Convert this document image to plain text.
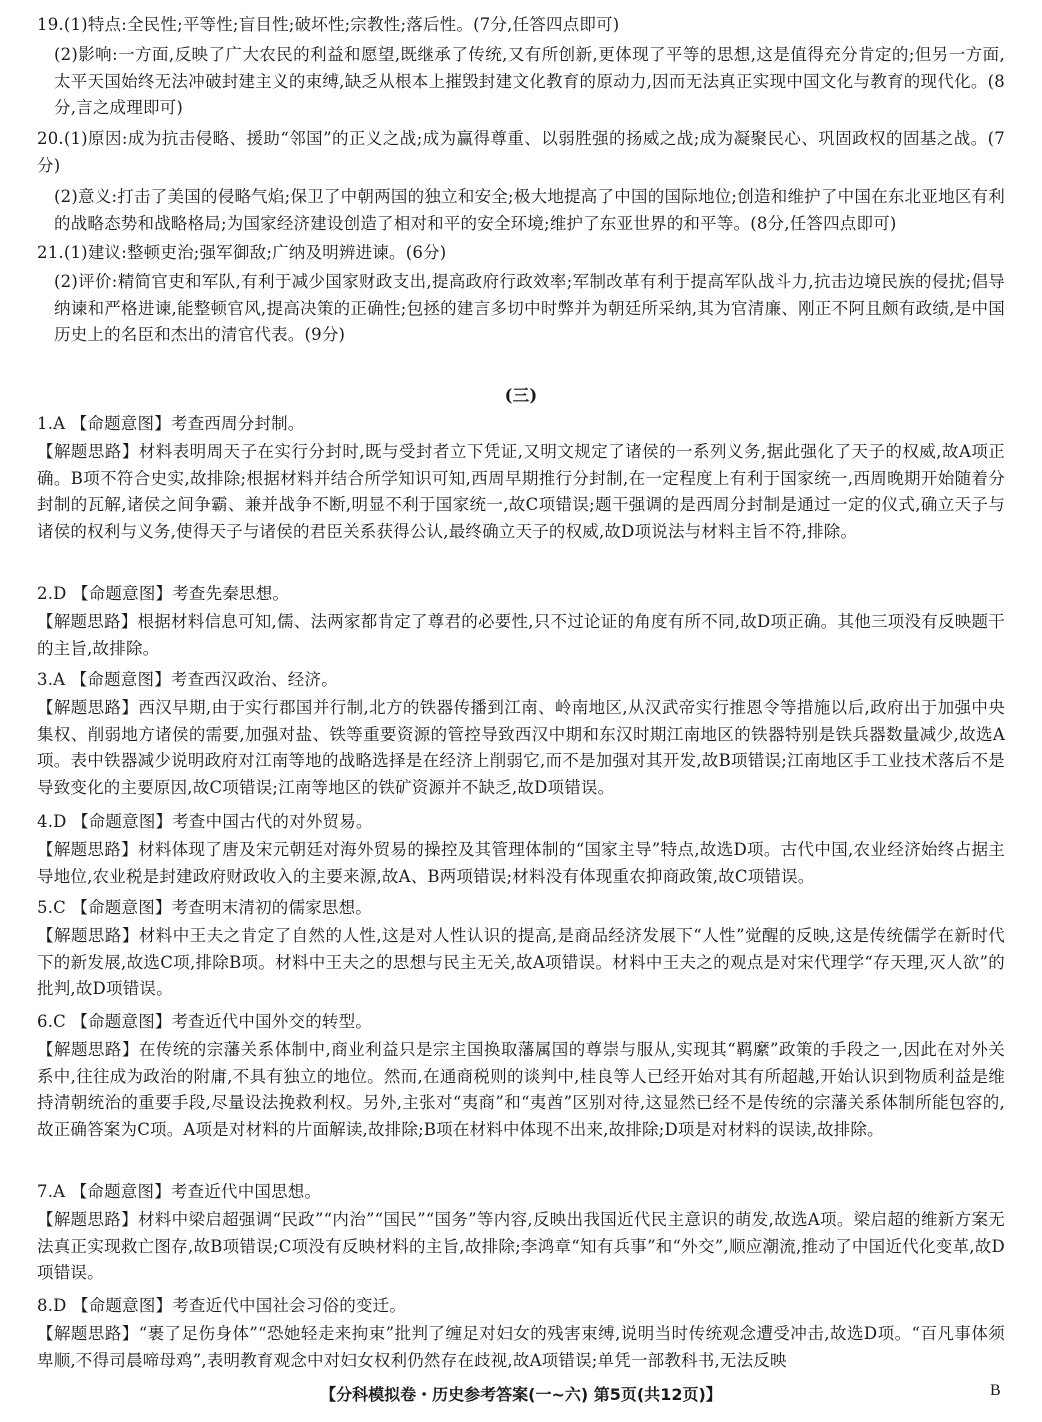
19.(1)特点:全民性;平等性;盲目性;破坏性;宗教性;落后性。(7分,任答四点即可)
(2)影响:一方面,反映了广大农民的利益和愿望,既继承了传统,又有所创新,更体现了平等的思想,这是值得充分肯定的;但另一方面,太平天国始终无法冲破封建主义的束缚,缺乏从根本上摧毁封建文化教育的原动力,因而无法真正实现中国文化与教育的现代化。(8分,言之成理即可)
20.(1)原因:成为抗击侵略、援助“邻国”的正义之战;成为赢得尊重、以弱胜强的扬威之战;成为凝聚民心、巩固政权的固基之战。(7分)
(2)意义:打击了美国的侵略气焰;保卫了中朝两国的独立和安全;极大地提高了中国的国际地位;创造和维护了中国在东北亚地区有利的战略态势和战略格局;为国家经济建设创造了相对和平的安全环境;维护了东亚世界的和平等。(8分,任答四点即可)
21.(1)建议:整顿吏治;强军御敌;广纳及明辨进谏。(6分)
(2)评价:精简官吏和军队,有利于减少国家财政支出,提高政府行政效率;军制改革有利于提高军队战斗力,抗击边境民族的侵扰;倡导纳谏和严格进谏,能整顿官风,提高决策的正确性;包拯的建言多切中时弊并为朝廷所采纳,其为官清廉、刚正不阿且颇有政绩,是中国历史上的名臣和杰出的清官代表。(9分)
(三)
1.A 【命题意图】考查西周分封制。
【解题思路】材料表明周天子在实行分封时,既与受封者立下凭证,又明文规定了诸侯的一系列义务,据此强化了天子的权威,故A项正确。B项不符合史实,故排除;根据材料并结合所学知识可知,西周早期推行分封制,在一定程度上有利于国家统一,西周晚期开始随着分封制的瓦解,诸侯之间争霸、兼并战争不断,明显不利于国家统一,故C项错误;题干强调的是西周分封制是通过一定的仪式,确立天子与诸侯的权利与义务,使得天子与诸侯的君臣关系获得公认,最终确立天子的权威,故D项说法与材料主旨不符,排除。
2.D 【命题意图】考查先秦思想。
【解题思路】根据材料信息可知,儒、法两家都肯定了尊君的必要性,只不过论证的角度有所不同,故D项正确。其他三项没有反映题干的主旨,故排除。
3.A 【命题意图】考查西汉政治、经济。
【解题思路】西汉早期,由于实行郡国并行制,北方的铁器传播到江南、岭南地区,从汉武帝实行推恩令等措施以后,政府出于加强中央集权、削弱地方诸侯的需要,加强对盐、铁等重要资源的管控导致西汉中期和东汉时期江南地区的铁器特别是铁兵器数量减少,故选A项。表中铁器减少说明政府对江南等地的战略选择是在经济上削弱它,而不是加强对其开发,故B项错误;江南地区手工业技术落后不是导致变化的主要原因,故C项错误;江南等地区的铁矿资源并不缺乏,故D项错误。
4.D 【命题意图】考查中国古代的对外贸易。
【解题思路】材料体现了唐及宋元朝廷对海外贸易的操控及其管理体制的“国家主导”特点,故选D项。古代中国,农业经济始终占据主导地位,农业税是封建政府财政收入的主要来源,故A、B两项错误;材料没有体现重农抑商政策,故C项错误。
5.C 【命题意图】考查明末清初的儒家思想。
【解题思路】材料中王夫之肯定了自然的人性,这是对人性认识的提高,是商品经济发展下“人性”觉醒的反映,这是传统儒学在新时代下的新发展,故选C项,排除B项。材料中王夫之的思想与民主无关,故A项错误。材料中王夫之的观点是对宋代理学“存天理,灭人欲”的批判,故D项错误。
6.C 【命题意图】考查近代中国外交的转型。
【解题思路】在传统的宗藩关系体制中,商业利益只是宗主国换取藩属国的尊崇与服从,实现其“羁縻”政策的手段之一,因此在对外关系中,往往成为政治的附庸,不具有独立的地位。然而,在通商税则的谈判中,桂良等人已经开始对其有所超越,开始认识到物质利益是维持清朝统治的重要手段,尽量设法挽救利权。另外,主张对“夷商”和“夷酋”区别对待,这显然已经不是传统的宗藩关系体制所能包容的,故正确答案为C项。A项是对材料的片面解读,故排除;B项在材料中体现不出来,故排除;D项是对材料的误读,故排除。
7.A 【命题意图】考查近代中国思想。
【解题思路】材料中梁启超强调“民政”“内治”“国民”“国务”等内容,反映出我国近代民主意识的萌发,故选A项。梁启超的维新方案无法真正实现救亡图存,故B项错误;C项没有反映材料的主旨,故排除;李鸿章“知有兵事”和“外交”,顺应潮流,推动了中国近代化变革,故D项错误。
8.D 【命题意图】考查近代中国社会习俗的变迁。
【解题思路】“裹了足伤身体”“恐她轻走来拘束”批判了缠足对妇女的残害束缚,说明当时传统观念遭受冲击,故选D项。“百凡事体须卑顺,不得司晨啼母鸡”,表明教育观念中对妇女权利仍然存在歧视,故A项错误;单凭一部教科书,无法反映
【分科模拟卷・历史参考答案(一~六) 第5页(共12页)】	B
